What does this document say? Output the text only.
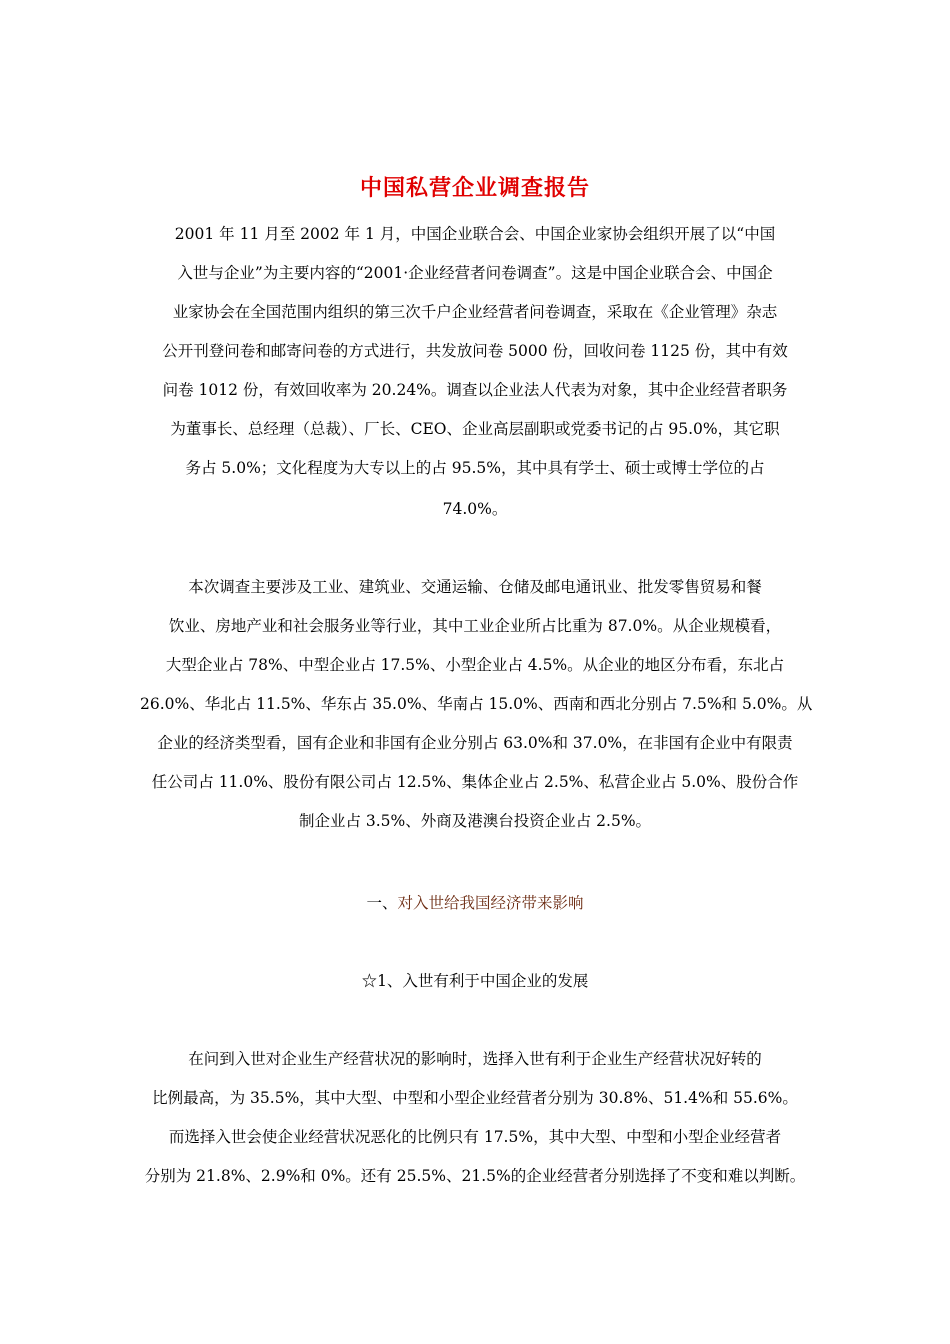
中国私营企业调查报告
2001 年 11 月至 2002 年 1 月，中国企业联合会、中国企业家协会组织开展了以“中国
入世与企业”为主要内容的“2001·企业经营者问卷调查”。这是中国企业联合会、中国企
业家协会在全国范围内组织的第三次千户企业经营者问卷调查，采取在《企业管理》杂志
公开刊登问卷和邮寄问卷的方式进行，共发放问卷 5000 份，回收问卷 1125 份，其中有效
问卷 1012 份，有效回收率为 20.24%。调查以企业法人代表为对象，其中企业经营者职务
为董事长、总经理（总裁）、厂长、CEO、企业高层副职或党委书记的占 95.0%，其它职
务占 5.0%；文化程度为大专以上的占 95.5%，其中具有学士、硕士或博士学位的占
74.0%。
本次调查主要涉及工业、建筑业、交通运输、仓储及邮电通讯业、批发零售贸易和餐
饮业、房地产业和社会服务业等行业，其中工业企业所占比重为 87.0%。从企业规模看，
大型企业占 78%、中型企业占 17.5%、小型企业占 4.5%。从企业的地区分布看，东北占
26.0%、华北占 11.5%、华东占 35.0%、华南占 15.0%、西南和西北分别占 7.5%和 5.0%。从
企业的经济类型看，国有企业和非国有企业分别占 63.0%和 37.0%，在非国有企业中有限责
任公司占 11.0%、股份有限公司占 12.5%、集体企业占 2.5%、私营企业占 5.0%、股份合作
制企业占 3.5%、外商及港澳台投资企业占 2.5%。
一、对入世给我国经济带来影响
☆1、入世有利于中国企业的发展
在问到入世对企业生产经营状况的影响时，选择入世有利于企业生产经营状况好转的
比例最高，为 35.5%，其中大型、中型和小型企业经营者分别为 30.8%、51.4%和 55.6%。
而选择入世会使企业经营状况恶化的比例只有 17.5%，其中大型、中型和小型企业经营者
分别为 21.8%、2.9%和 0%。还有 25.5%、21.5%的企业经营者分别选择了不变和难以判断。
